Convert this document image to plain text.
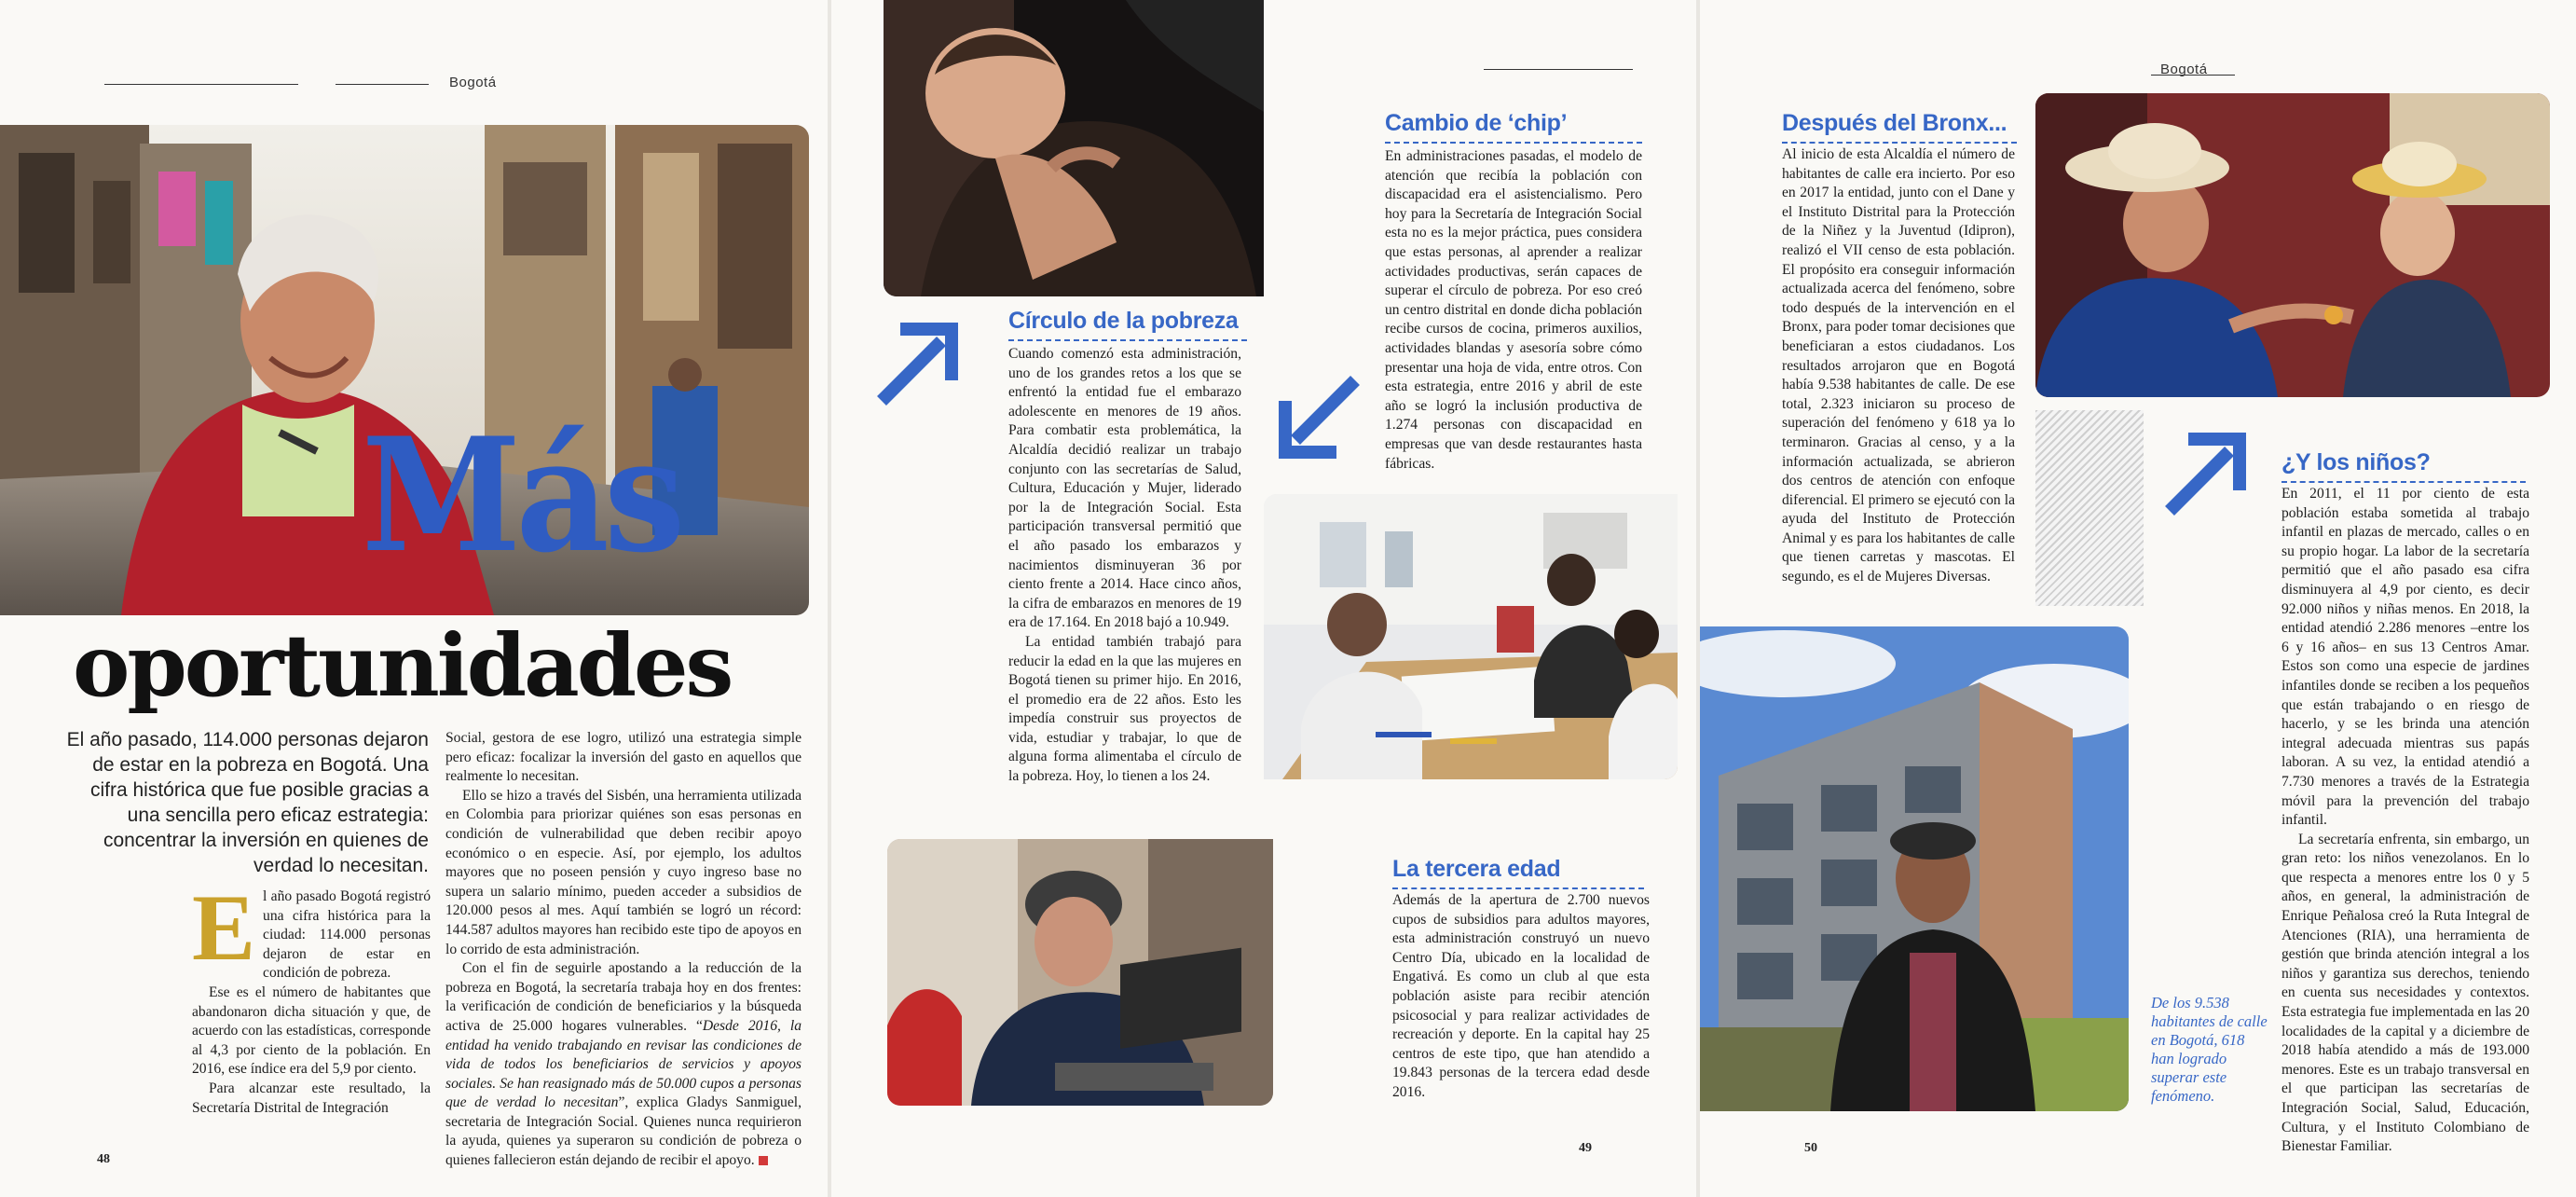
Bogotá
Más
oportunidades
El año pasado, 114.000 personas dejaron de estar en la pobreza en Bogotá. Una cifra histórica que fue posible gracias a una sencilla pero eficaz estrategia: concentrar la inversión en quienes de verdad lo necesitan.

El año pasado Bogotá registró una cifra histórica para la ciudad: 114.000 personas dejaron de estar en condición de pobreza.

Ese es el número de habitantes que abandonaron dicha situación y que, de acuerdo con las estadísticas, corresponde al 4,3 por ciento de la población. En 2016, ese índice era del 5,9 por ciento.

Para alcanzar este resultado, la Secretaría Distrital de Integración

Social, gestora de ese logro, utilizó una estrategia simple pero eficaz: focalizar la inversión del gasto en aquellos que realmente lo necesitan.

Ello se hizo a través del Sisbén, una herramienta utilizada en Colombia para priorizar quiénes son esas personas en condición de vulnerabilidad que deben recibir apoyo económico o en especie. Así, por ejemplo, los adultos mayores que no poseen pensión y cuyo ingreso base no supera un salario mínimo, pueden acceder a subsidios de 120.000 pesos al mes. Aquí también se logró un récord: 144.587 adultos mayores han recibido este tipo de apoyos en lo corrido de esta administración.

Con el fin de seguirle apostando a la reducción de la pobreza en Bogotá, la secretaría trabaja hoy en dos frentes: la verificación de condición de beneficiarios y la búsqueda activa de 25.000 hogares vulnerables. “Desde 2016, la entidad ha venido trabajando en revisar las condiciones de vida de todos los beneficiarios de servicios y apoyos sociales. Se han reasignado más de 50.000 cupos a personas que de verdad lo necesitan”, explica Gladys Sanmiguel, secretaria de Integración Social. Quienes nunca requirieron la ayuda, quienes ya superaron su condición de pobreza o quienes fallecieron están dejando de recibir el apoyo.

48
Círculo de la pobreza

Cuando comenzó esta administración, uno de los grandes retos a los que se enfrentó la entidad fue el embarazo adolescente en menores de 19 años. Para combatir esta problemática, la Alcaldía decidió realizar un trabajo conjunto con las secretarías de Salud, Cultura, Educación y Mujer, liderado por la de Integración Social. Esta participación transversal permitió que el año pasado los embarazos y nacimientos disminuyeran 36 por ciento frente a 2014. Hace cinco años, la cifra de embarazos en menores de 19 era de 17.164. En 2018 bajó a 10.949.

La entidad también trabajó para reducir la edad en la que las mujeres en Bogotá tienen su primer hijo. En 2016, el promedio era de 22 años. Esto les impedía construir sus proyectos de vida, estudiar y trabajar, lo que de alguna forma alimentaba el círculo de la pobreza. Hoy, lo tienen a los 24.

Cambio de ‘chip’

En administraciones pasadas, el modelo de atención que recibía la población con discapacidad era el asistencialismo. Pero hoy para la Secretaría de Integración Social esta no es la mejor práctica, pues considera que estas personas, al aprender a realizar actividades productivas, serán capaces de superar el círculo de pobreza. Por eso creó un centro distrital en donde dicha población recibe cursos de cocina, primeros auxilios, actividades blandas y asesoría sobre cómo presentar una hoja de vida, entre otros. Con esta estrategia, entre 2016 y abril de este año se logró la inclusión productiva de 1.274 personas con discapacidad en empresas que van desde restaurantes hasta fábricas.

La tercera edad

Además de la apertura de 2.700 nuevos cupos de subsidios para adultos mayores, esta administración construyó un nuevo Centro Día, ubicado en la localidad de Engativá. Es como un club al que esta población asiste para recibir atención psicosocial y para realizar actividades de recreación y deporte. En la capital hay 25 centros de este tipo, que han atendido a 19.843 personas de la tercera edad desde 2016.

49
Bogotá
Después del Bronx...

Al inicio de esta Alcaldía el número de habitantes de calle era incierto. Por eso en 2017 la entidad, junto con el Dane y el Instituto Distrital para la Protección de la Niñez y la Juventud (Idipron), realizó el VII censo de esta población. El propósito era conseguir información actualizada acerca del fenómeno, sobre todo después de la intervención en el Bronx, para poder tomar decisiones que beneficiaran a estos ciudadanos. Los resultados arrojaron que en Bogotá había 9.538 habitantes de calle. De ese total, 2.323 iniciaron su proceso de superación del fenómeno y 618 ya lo terminaron. Gracias al censo, y a la información actualizada, se abrieron dos centros de atención con enfoque diferencial. El primero se ejecutó con la ayuda del Instituto de Protección Animal y es para los habitantes de calle que tienen carretas y mascotas. El segundo, es el de Mujeres Diversas.

¿Y los niños?

En 2011, el 11 por ciento de esta población estaba sometida al trabajo infantil en plazas de mercado, calles o en su propio hogar. La labor de la secretaría permitió que el año pasado esa cifra disminuyera al 4,9 por ciento, es decir 92.000 niños y niñas menos. En 2018, la entidad atendió 2.286 menores –entre los 6 y 16 años– en sus 13 Centros Amar. Estos son como una especie de jardines infantiles donde se reciben a los pequeños que están trabajando o en riesgo de hacerlo, y se les brinda una atención integral adecuada mientras sus papás laboran. A su vez, la entidad atendió a 7.730 menores a través de la Estrategia móvil para la prevención del trabajo infantil.

La secretaría enfrenta, sin embargo, un gran reto: los niños venezolanos. En lo que respecta a menores entre los 0 y 5 años, en general, la administración de Enrique Peñalosa creó la Ruta Integral de Atenciones (RIA), una herramienta de gestión que brinda atención integral a los niños y garantiza sus derechos, teniendo en cuenta sus necesidades y contextos. Esta estrategia fue implementada en las 20 localidades de la capital y a diciembre de 2018 había atendido a más de 193.000 menores. Este es un trabajo transversal en el que participan las secretarías de Integración Social, Salud, Educación, Cultura, y el Instituto Colombiano de Bienestar Familiar.

De los 9.538 habitantes de calle en Bogotá, 618 han logrado superar este fenómeno.
50
